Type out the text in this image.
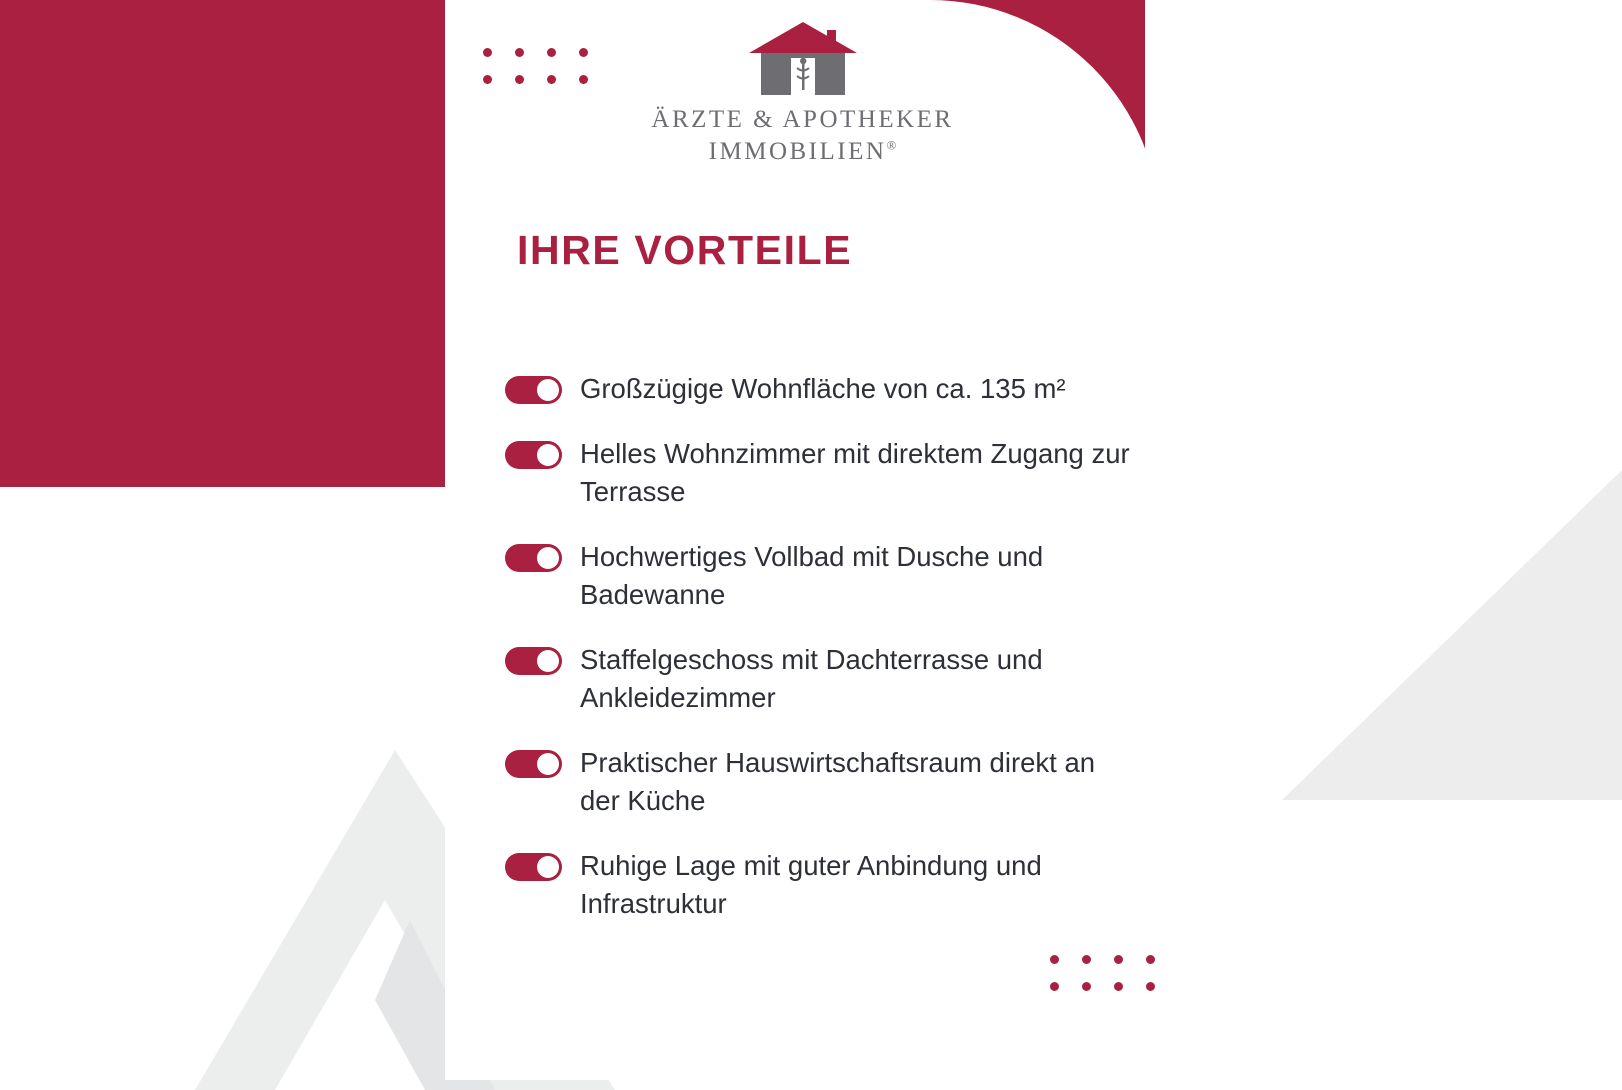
ÄRZTE & APOTHEKER
IMMOBILIEN®
IHRE VORTEILE
Großzügige Wohnfläche von ca. 135 m²
Helles Wohnzimmer mit direktem Zugang zur Terrasse
Hochwertiges Vollbad mit Dusche und Badewanne
Staffelgeschoss mit Dachterrasse und Ankleidezimmer
Praktischer Hauswirtschaftsraum direkt an der Küche
Ruhige Lage mit guter Anbindung und Infrastruktur
